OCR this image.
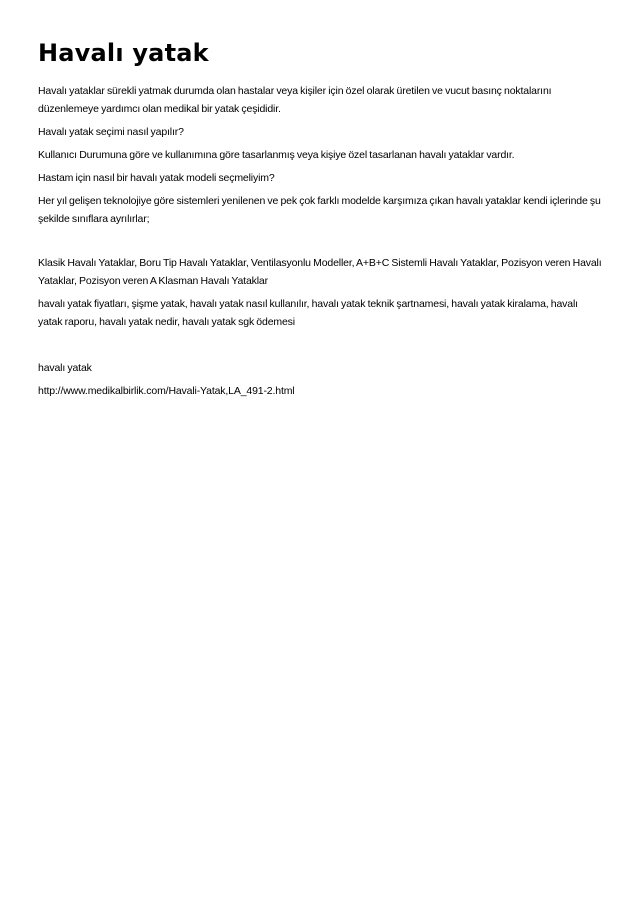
Havalı yatak

Havalı yataklar sürekli yatmak durumda olan hastalar veya kişiler için özel olarak üretilen ve vucut basınç noktalarını düzenlemeye yardımcı olan medikal bir yatak çeşididir.

Havalı yatak seçimi nasıl yapılır?

Kullanıcı Durumuna göre ve kullanımına göre tasarlanmış veya kişiye özel tasarlanan havalı yataklar vardır.

Hastam için nasıl bir havalı yatak modeli seçmeliyim?

Her yıl gelişen teknolojiye göre sistemleri yenilenen ve pek çok farklı modelde karşımıza çıkan havalı yataklar kendi içlerinde şu şekilde sınıflara ayrılırlar;

Klasik Havalı Yataklar, Boru Tip Havalı Yataklar, Ventilasyonlu Modeller, A+B+C Sistemli Havalı Yataklar, Pozisyon veren Havalı Yataklar, Pozisyon veren A Klasman Havalı Yataklar

havalı yatak fiyatları, şişme yatak, havalı yatak nasıl kullanılır, havalı yatak teknik şartnamesi, havalı yatak kiralama, havalı yatak raporu, havalı yatak nedir, havalı yatak sgk ödemesi

havalı yatak

http://www.medikalbirlik.com/Havali-Yatak,LA_491-2.html
